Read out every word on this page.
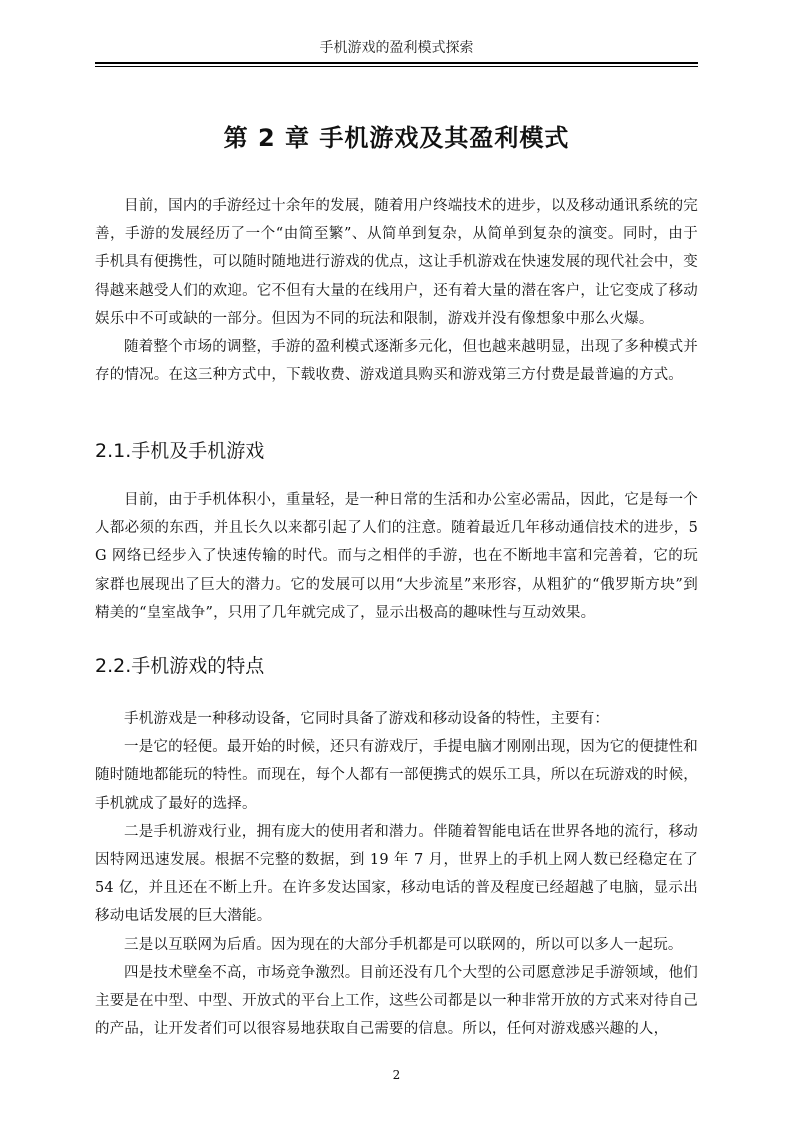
手机游戏的盈利模式探索
第 2 章 手机游戏及其盈利模式

目前，国内的手游经过十余年的发展，随着用户终端技术的进步，以及移动通讯系统的完善，手游的发展经历了一个“由简至繁”、从简单到复杂，从简单到复杂的演变。同时，由于手机具有便携性，可以随时随地进行游戏的优点，这让手机游戏在快速发展的现代社会中，变得越来越受人们的欢迎。它不但有大量的在线用户，还有着大量的潜在客户，让它变成了移动娱乐中不可或缺的一部分。但因为不同的玩法和限制，游戏并没有像想象中那么火爆。

随着整个市场的调整，手游的盈利模式逐渐多元化，但也越来越明显，出现了多种模式并存的情况。在这三种方式中，下载收费、游戏道具购买和游戏第三方付费是最普遍的方式。

2.1.手机及手机游戏

目前，由于手机体积小，重量轻，是一种日常的生活和办公室必需品，因此，它是每一个人都必须的东西，并且长久以来都引起了人们的注意。随着最近几年移动通信技术的进步，5 G 网络已经步入了快速传输的时代。而与之相伴的手游，也在不断地丰富和完善着，它的玩家群也展现出了巨大的潜力。它的发展可以用“大步流星”来形容，从粗犷的“俄罗斯方块”到精美的“皇室战争”，只用了几年就完成了，显示出极高的趣味性与互动效果。

2.2.手机游戏的特点

手机游戏是一种移动设备，它同时具备了游戏和移动设备的特性，主要有：

一是它的轻便。最开始的时候，还只有游戏厅，手提电脑才刚刚出现，因为它的便捷性和随时随地都能玩的特性。而现在，每个人都有一部便携式的娱乐工具，所以在玩游戏的时候，手机就成了最好的选择。

二是手机游戏行业，拥有庞大的使用者和潜力。伴随着智能电话在世界各地的流行，移动因特网迅速发展。根据不完整的数据，到 19 年 7 月，世界上的手机上网人数已经稳定在了 54 亿，并且还在不断上升。在许多发达国家，移动电话的普及程度已经超越了电脑，显示出移动电话发展的巨大潜能。

三是以互联网为后盾。因为现在的大部分手机都是可以联网的，所以可以多人一起玩。

四是技术壁垒不高，市场竞争激烈。目前还没有几个大型的公司愿意涉足手游领域，他们主要是在中型、中型、开放式的平台上工作，这些公司都是以一种非常开放的方式来对待自己的产品，让开发者们可以很容易地获取自己需要的信息。所以，任何对游戏感兴趣的人，

2
